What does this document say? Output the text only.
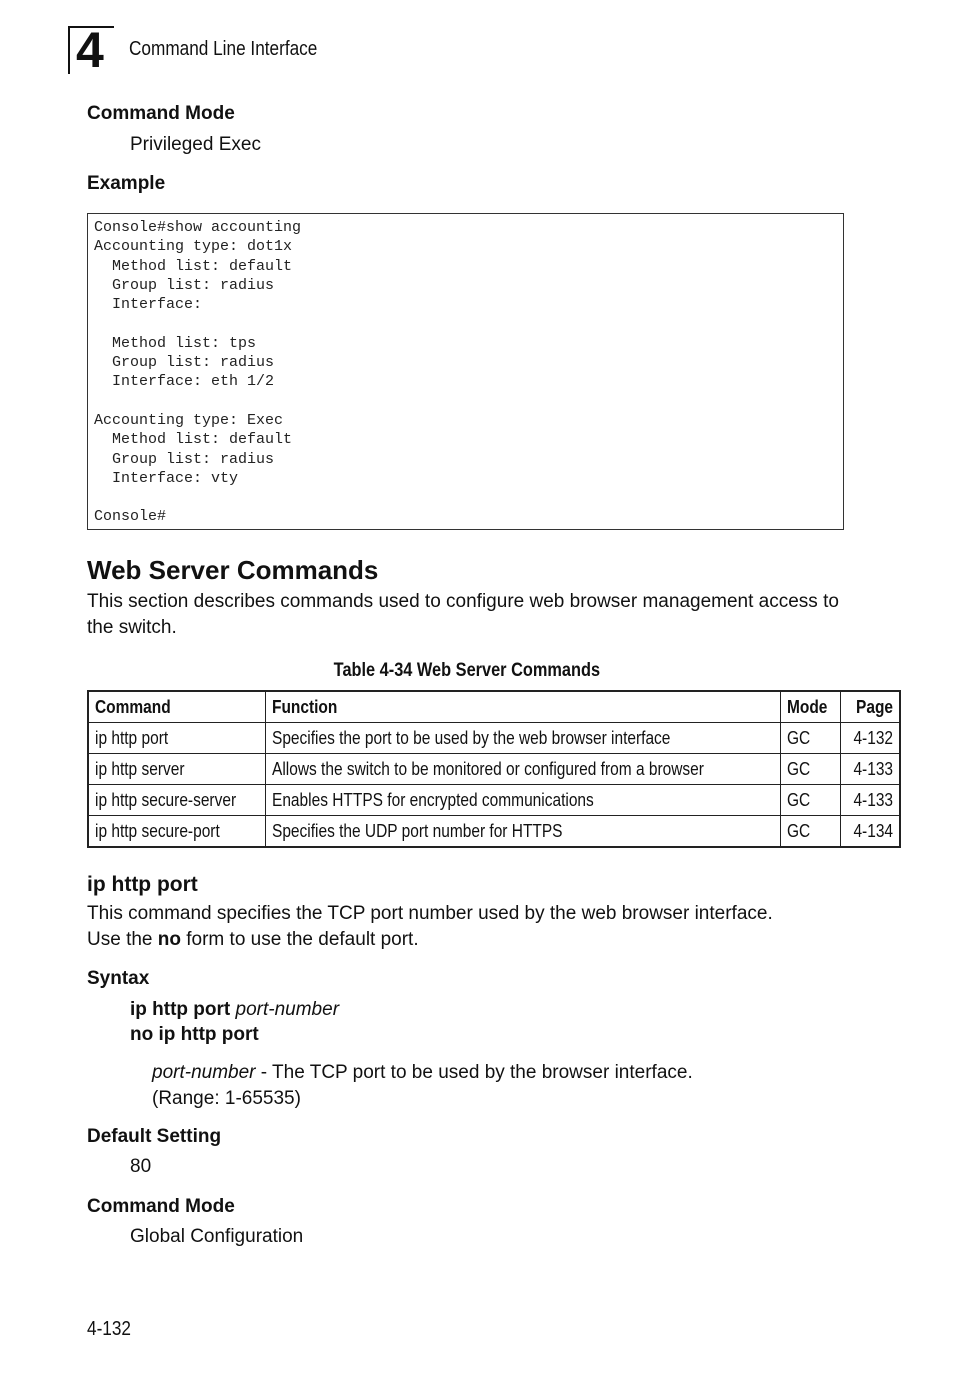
4	Command Line Interface
Command Mode
Privileged Exec
Example
Console#show accounting
Accounting type: dot1x
Method list: default
Group list: radius
Interface:

Method list: tps
Group list: radius
Interface: eth 1/2

Accounting type: Exec
Method list: default
Group list: radius
Interface: vty

Console#
Web Server Commands
This section describes commands used to configure web browser management access to the switch.
Table 4-34 Web Server Commands
Command	Function	Mode	Page
ip http port	Specifies the port to be used by the web browser interface	GC	4-132
ip http server	Allows the switch to be monitored or configured from a browser	GC	4-133
ip http secure-server	Enables HTTPS for encrypted communications	GC	4-133
ip http secure-port	Specifies the UDP port number for HTTPS	GC	4-134
ip http port
This command specifies the TCP port number used by the web browser interface.
Use the no form to use the default port.
Syntax
ip http port port-number
no ip http port
port-number - The TCP port to be used by the browser interface.
(Range: 1-65535)
Default Setting
80
Command Mode
Global Configuration
4-132
